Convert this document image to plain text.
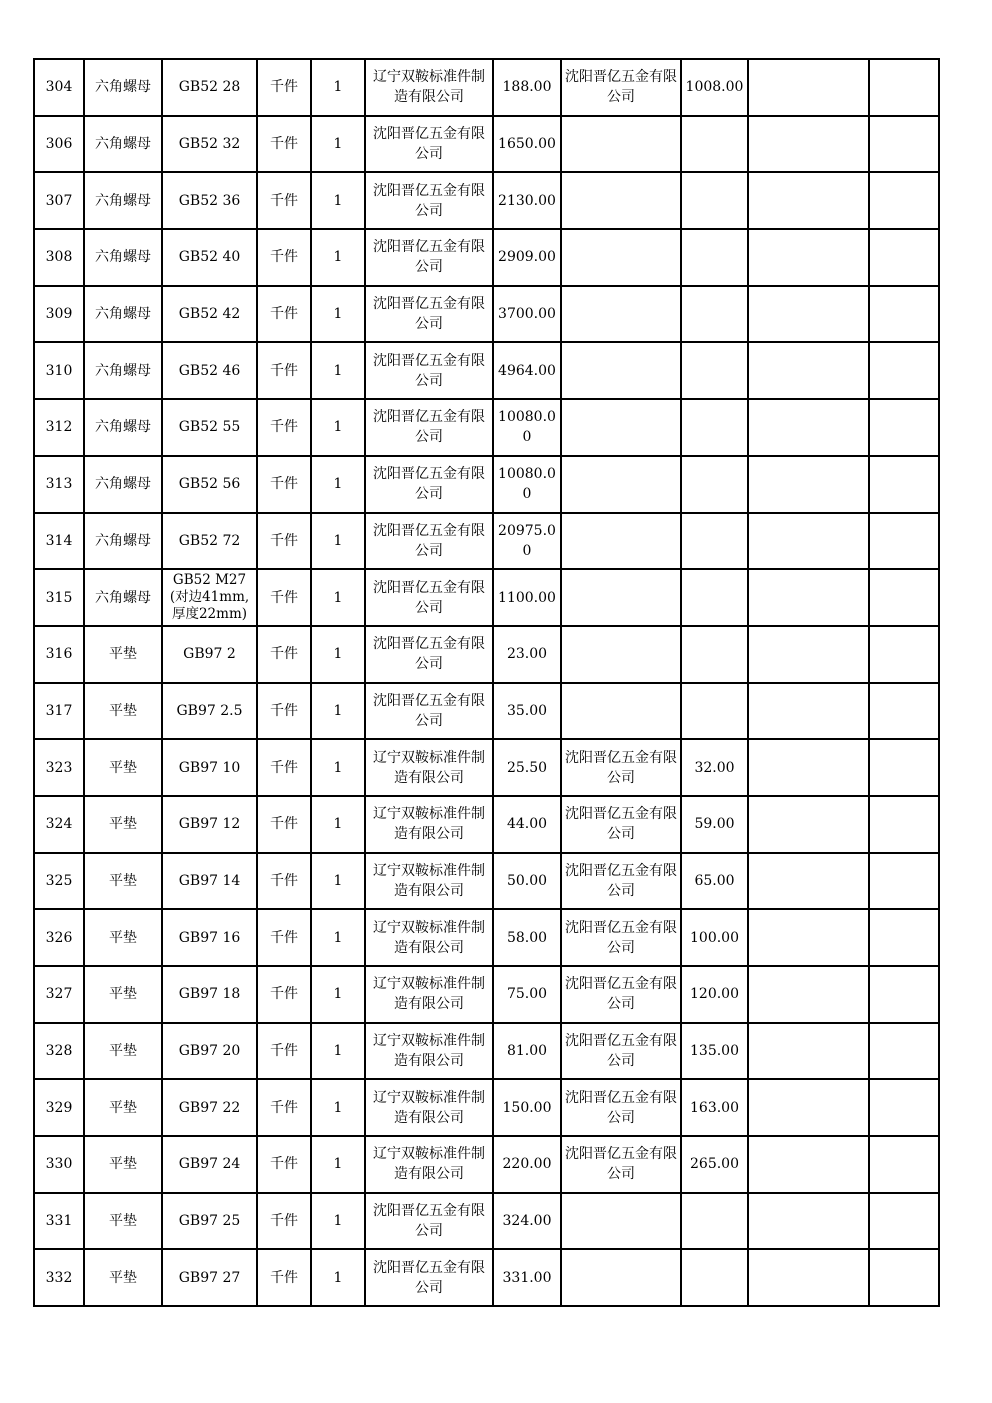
304	六角螺母	GB52 28	千件	1	辽宁双鞍标准件制造有限公司	188.00	沈阳晋亿五金有限公司	1008.00		
306	六角螺母	GB52 32	千件	1	沈阳晋亿五金有限公司	1650.00				
307	六角螺母	GB52 36	千件	1	沈阳晋亿五金有限公司	2130.00				
308	六角螺母	GB52 40	千件	1	沈阳晋亿五金有限公司	2909.00				
309	六角螺母	GB52 42	千件	1	沈阳晋亿五金有限公司	3700.00				
310	六角螺母	GB52 46	千件	1	沈阳晋亿五金有限公司	4964.00				
312	六角螺母	GB52 55	千件	1	沈阳晋亿五金有限公司	10080.00				
313	六角螺母	GB52 56	千件	1	沈阳晋亿五金有限公司	10080.00				
314	六角螺母	GB52 72	千件	1	沈阳晋亿五金有限公司	20975.00				
315	六角螺母	GB52 M27(对边41mm,厚度22mm)	千件	1	沈阳晋亿五金有限公司	1100.00				
316	平垫	GB97 2	千件	1	沈阳晋亿五金有限公司	23.00				
317	平垫	GB97 2.5	千件	1	沈阳晋亿五金有限公司	35.00				
323	平垫	GB97 10	千件	1	辽宁双鞍标准件制造有限公司	25.50	沈阳晋亿五金有限公司	32.00		
324	平垫	GB97 12	千件	1	辽宁双鞍标准件制造有限公司	44.00	沈阳晋亿五金有限公司	59.00		
325	平垫	GB97 14	千件	1	辽宁双鞍标准件制造有限公司	50.00	沈阳晋亿五金有限公司	65.00		
326	平垫	GB97 16	千件	1	辽宁双鞍标准件制造有限公司	58.00	沈阳晋亿五金有限公司	100.00		
327	平垫	GB97 18	千件	1	辽宁双鞍标准件制造有限公司	75.00	沈阳晋亿五金有限公司	120.00		
328	平垫	GB97 20	千件	1	辽宁双鞍标准件制造有限公司	81.00	沈阳晋亿五金有限公司	135.00		
329	平垫	GB97 22	千件	1	辽宁双鞍标准件制造有限公司	150.00	沈阳晋亿五金有限公司	163.00		
330	平垫	GB97 24	千件	1	辽宁双鞍标准件制造有限公司	220.00	沈阳晋亿五金有限公司	265.00		
331	平垫	GB97 25	千件	1	沈阳晋亿五金有限公司	324.00				
332	平垫	GB97 27	千件	1	沈阳晋亿五金有限公司	331.00				
